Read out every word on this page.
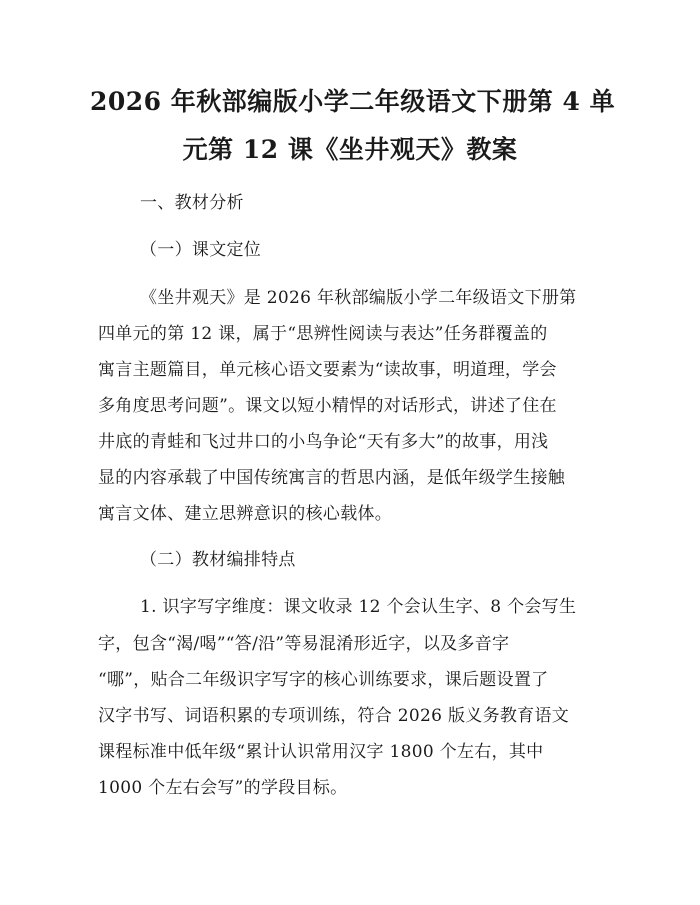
2026 年秋部编版小学二年级语文下册第 4 单
元第 12 课《坐井观天》教案
一、教材分析
（一）课文定位
《坐井观天》是 2026 年秋部编版小学二年级语文下册第
四单元的第 12 课，属于“思辨性阅读与表达”任务群覆盖的
寓言主题篇目，单元核心语文要素为“读故事，明道理，学会
多角度思考问题”。课文以短小精悍的对话形式，讲述了住在
井底的青蛙和飞过井口的小鸟争论“天有多大”的故事，用浅
显的内容承载了中国传统寓言的哲思内涵，是低年级学生接触
寓言文体、建立思辨意识的核心载体。
（二）教材编排特点
1. 识字写字维度：课文收录 12 个会认生字、8 个会写生
字，包含“渴/喝”“答/沿”等易混淆形近字，以及多音字
“哪”，贴合二年级识字写字的核心训练要求，课后题设置了
汉字书写、词语积累的专项训练，符合 2026 版义务教育语文
课程标准中低年级“累计认识常用汉字 1800 个左右，其中
1000 个左右会写”的学段目标。
